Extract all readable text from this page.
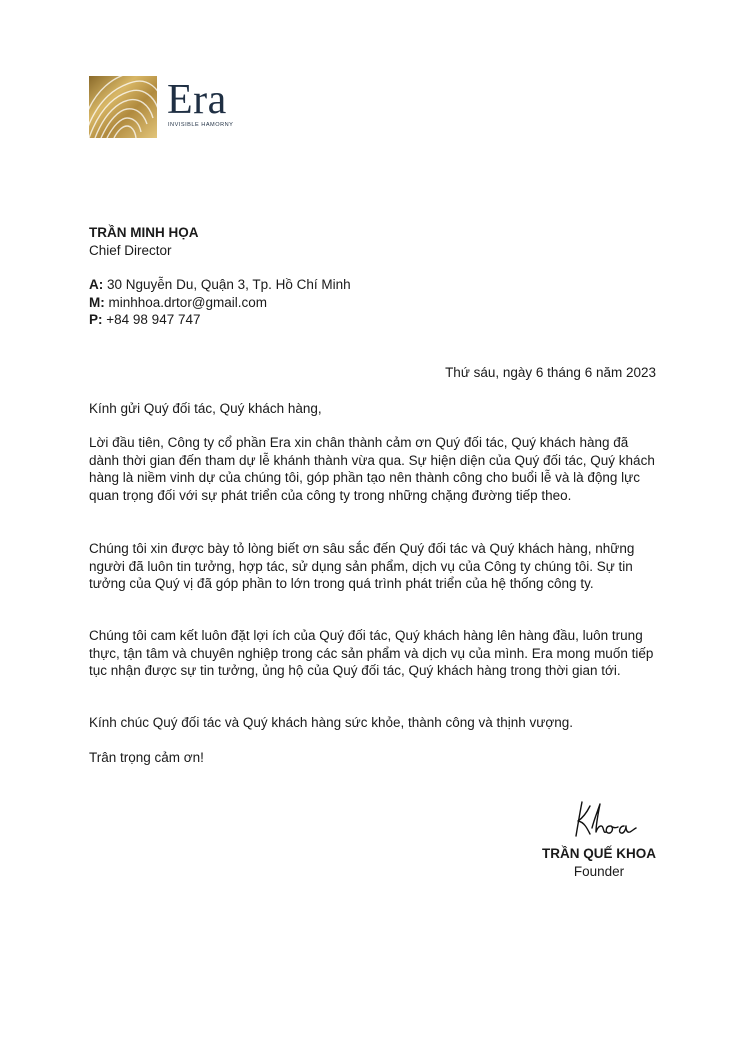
Era
INVISIBLE HAMORNY
TRẦN MINH HỌA
Chief Director
A: 30 Nguyễn Du, Quận 3, Tp. Hồ Chí Minh
M: minhhoa.drtor@gmail.com
P: +84 98 947 747
Thứ sáu, ngày 6 tháng 6 năm 2023
Kính gửi Quý đối tác, Quý khách hàng,

Lời đầu tiên, Công ty cổ phần Era xin chân thành cảm ơn Quý đối tác, Quý khách hàng đã dành thời gian đến tham dự lễ khánh thành vừa qua. Sự hiện diện của Quý đối tác, Quý khách hàng là niềm vinh dự của chúng tôi, góp phần tạo nên thành công cho buổi lễ và là động lực quan trọng đối với sự phát triển của công ty trong những chặng đường tiếp theo.

Chúng tôi xin được bày tỏ lòng biết ơn sâu sắc đến Quý đối tác và Quý khách hàng, những người đã luôn tin tưởng, hợp tác, sử dụng sản phẩm, dịch vụ của Công ty chúng tôi. Sự tin tưởng của Quý vị đã góp phần to lớn trong quá trình phát triển của hệ thống công ty.

Chúng tôi cam kết luôn đặt lợi ích của Quý đối tác, Quý khách hàng lên hàng đầu, luôn trung thực, tận tâm và chuyên nghiệp trong các sản phẩm và dịch vụ của mình. Era mong muốn tiếp tục nhận được sự tin tưởng, ủng hộ của Quý đối tác, Quý khách hàng trong thời gian tới.

Kính chúc Quý đối tác và Quý khách hàng sức khỏe, thành công và thịnh vượng.
Trân trọng cảm ơn!
TRẦN QUẾ KHOA
Founder
